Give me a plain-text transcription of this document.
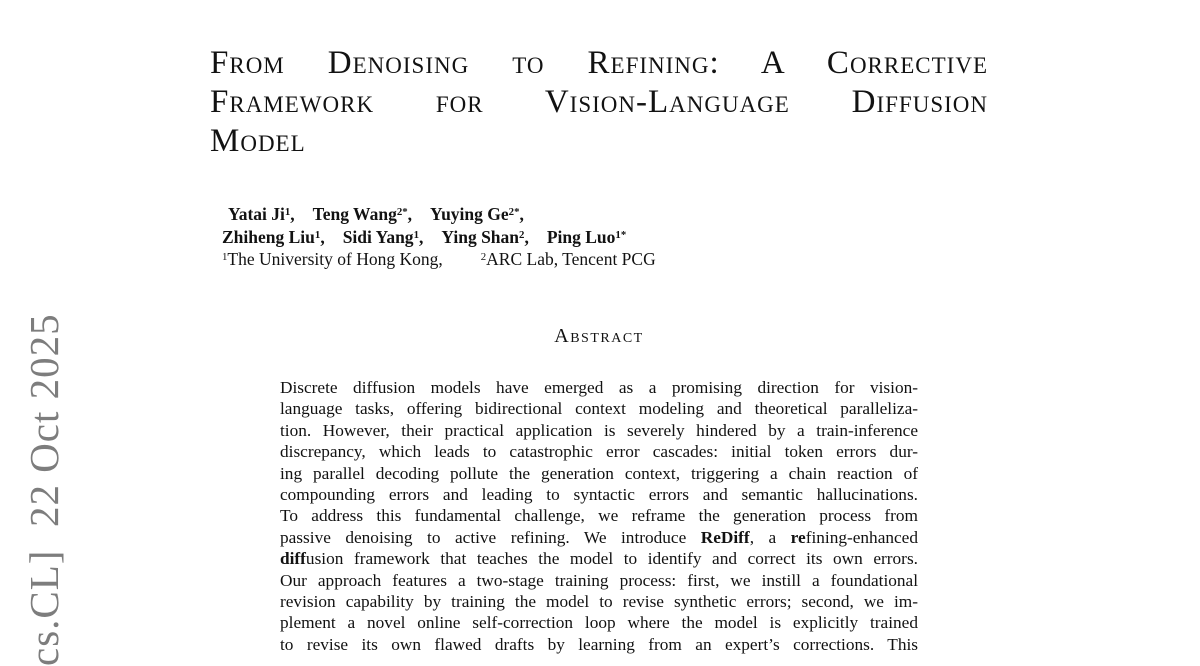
cs.CL]  22 Oct 2025
From Denoising to Refining: A Corrective
Framework for Vision-Language Diffusion
Model
Yatai Ji$^1$, Teng Wang$^{2*}$, Yuying $Ge^{2*}$,
Zhiheng Liu$^1$, Sidi Yang$^1$, Ying Shan$^2$, Ping Luo$^{1*}$
$^1$The University of Hong Kong,	$^2$ARC Lab, Tencent PCG
Abstract
Discrete diffusion models have emerged as a promising direction for vision-
language tasks, offering bidirectional context modeling and theoretical paralleliza-
tion. However, their practical application is severely hindered by a train-inference
discrepancy, which leads to catastrophic error cascades: initial token errors dur-
ing parallel decoding pollute the generation context, triggering a chain reaction of
compounding errors and leading to syntactic errors and semantic hallucinations.
To address this fundamental challenge, we reframe the generation process from
passive denoising to active refining. We introduce ReDiff, a refining-enhanced
diffusion framework that teaches the model to identify and correct its own errors.
Our approach features a two-stage training process: first, we instill a foundational
revision capability by training the model to revise synthetic errors; second, we im-
plement a novel online self-correction loop where the model is explicitly trained
to revise its own flawed drafts by learning from an expert’s corrections. This
